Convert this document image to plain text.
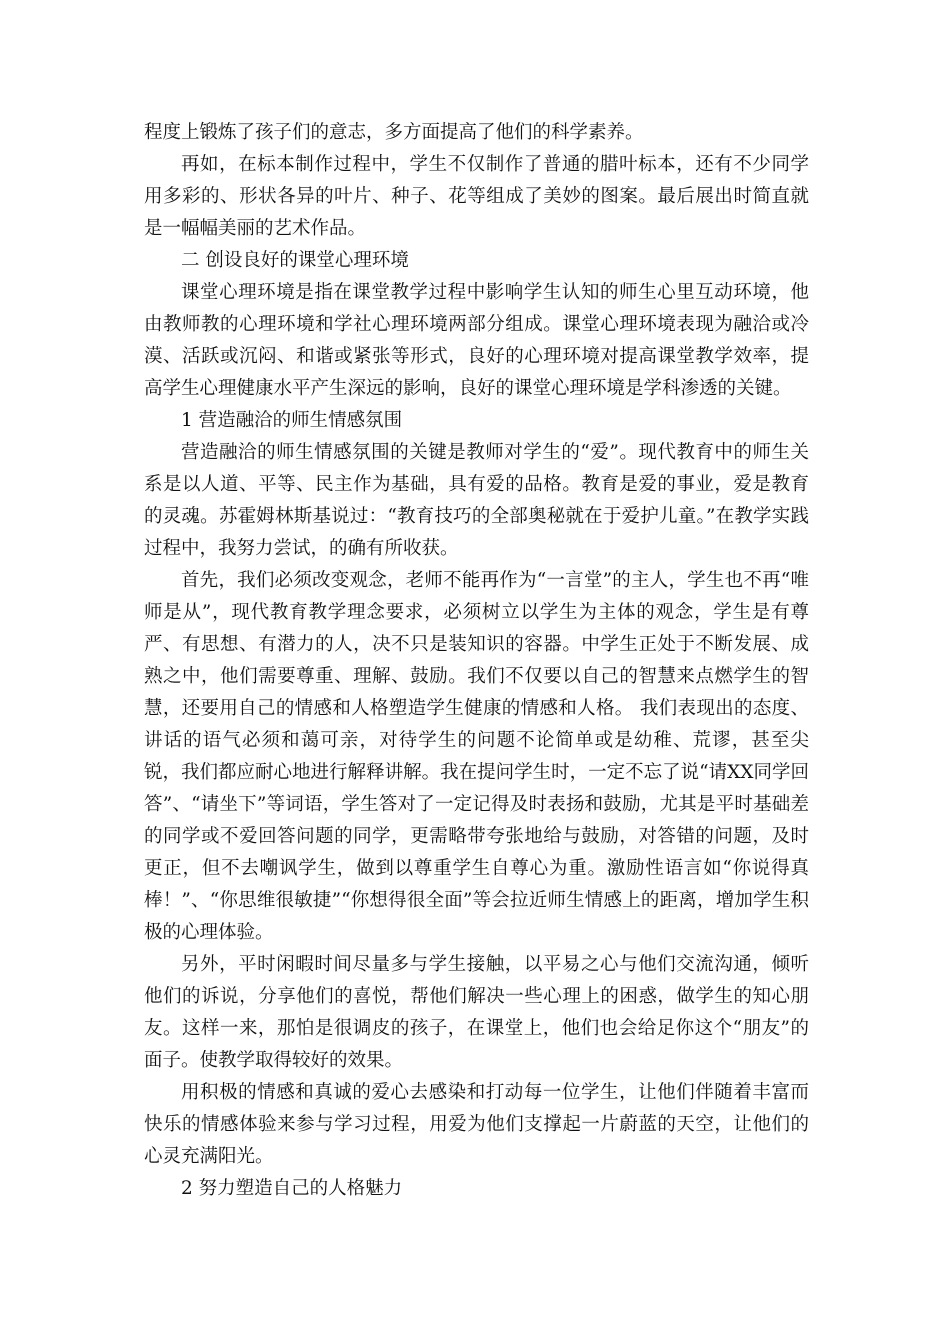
程度上锻炼了孩子们的意志，多方面提高了他们的科学素养。

再如，在标本制作过程中，学生不仅制作了普通的腊叶标本，还有不少同学用多彩的、形状各异的叶片、种子、花等组成了美妙的图案。最后展出时简直就是一幅幅美丽的艺术作品。

二 创设良好的课堂心理环境

课堂心理环境是指在课堂教学过程中影响学生认知的师生心里互动环境，他由教师教的心理环境和学社心理环境两部分组成。课堂心理环境表现为融洽或冷漠、活跃或沉闷、和谐或紧张等形式，良好的心理环境对提高课堂教学效率，提高学生心理健康水平产生深远的影响，良好的课堂心理环境是学科渗透的关键。

1 营造融洽的师生情感氛围

营造融洽的师生情感氛围的关键是教师对学生的“爱”。现代教育中的师生关系是以人道、平等、民主作为基础，具有爱的品格。教育是爱的事业，爱是教育的灵魂。苏霍姆林斯基说过：“教育技巧的全部奥秘就在于爱护儿童。”在教学实践过程中，我努力尝试，的确有所收获。

首先，我们必须改变观念，老师不能再作为“一言堂”的主人，学生也不再“唯师是从”，现代教育教学理念要求，必须树立以学生为主体的观念，学生是有尊严、有思想、有潜力的人，决不只是装知识的容器。中学生正处于不断发展、成熟之中，他们需要尊重、理解、鼓励。我们不仅要以自己的智慧来点燃学生的智慧，还要用自己的情感和人格塑造学生健康的情感和人格。 我们表现出的态度、讲话的语气必须和蔼可亲，对待学生的问题不论简单或是幼稚、荒谬，甚至尖锐，我们都应耐心地进行解释讲解。我在提问学生时，一定不忘了说“请XX同学回答”、“请坐下”等词语，学生答对了一定记得及时表扬和鼓励，尤其是平时基础差的同学或不爱回答问题的同学，更需略带夸张地给与鼓励，对答错的问题，及时更正，但不去嘲讽学生，做到以尊重学生自尊心为重。激励性语言如“你说得真棒！”、“你思维很敏捷”“你想得很全面”等会拉近师生情感上的距离，增加学生积极的心理体验。

另外，平时闲暇时间尽量多与学生接触，以平易之心与他们交流沟通，倾听他们的诉说，分享他们的喜悦，帮他们解决一些心理上的困惑，做学生的知心朋友。这样一来，那怕是很调皮的孩子，在课堂上，他们也会给足你这个“朋友”的面子。使教学取得较好的效果。

用积极的情感和真诚的爱心去感染和打动每一位学生，让他们伴随着丰富而快乐的情感体验来参与学习过程，用爱为他们支撑起一片蔚蓝的天空，让他们的心灵充满阳光。

2 努力塑造自己的人格魅力
